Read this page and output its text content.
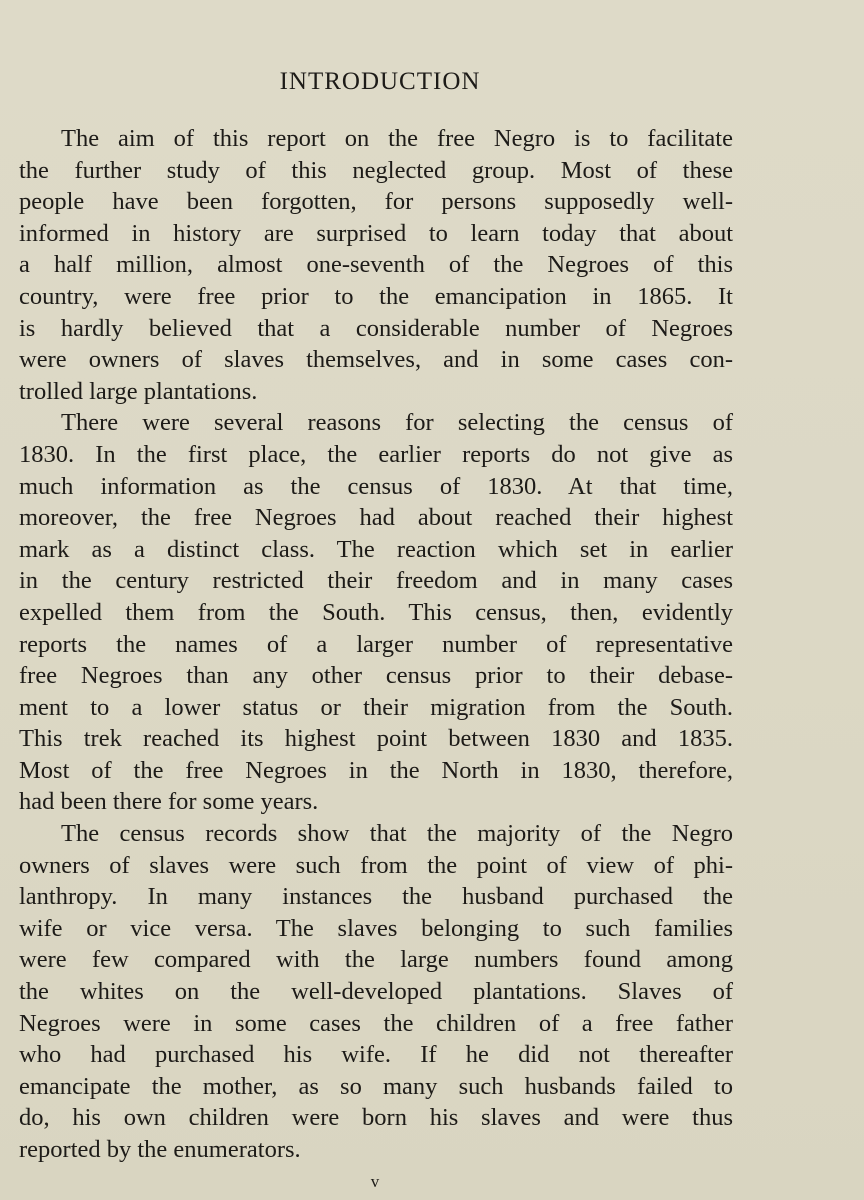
INTRODUCTION
The aim of this report on the free Negro is to facilitate
the further study of this neglected group. Most of these
people have been forgotten, for persons supposedly well-
informed in history are surprised to learn today that about
a half million, almost one-seventh of the Negroes of this
country, were free prior to the emancipation in 1865. It
is hardly believed that a considerable number of Negroes
were owners of slaves themselves, and in some cases con-
trolled large plantations.
There were several reasons for selecting the census of
1830. In the first place, the earlier reports do not give as
much information as the census of 1830. At that time,
moreover, the free Negroes had about reached their highest
mark as a distinct class. The reaction which set in earlier
in the century restricted their freedom and in many cases
expelled them from the South. This census, then, evidently
reports the names of a larger number of representative
free Negroes than any other census prior to their debase-
ment to a lower status or their migration from the South.
This trek reached its highest point between 1830 and 1835.
Most of the free Negroes in the North in 1830, therefore,
had been there for some years.
The census records show that the majority of the Negro
owners of slaves were such from the point of view of phi-
lanthropy. In many instances the husband purchased the
wife or vice versa. The slaves belonging to such families
were few compared with the large numbers found among
the whites on the well-developed plantations. Slaves of
Negroes were in some cases the children of a free father
who had purchased his wife. If he did not thereafter
emancipate the mother, as so many such husbands failed to
do, his own children were born his slaves and were thus
reported by the enumerators.
v
